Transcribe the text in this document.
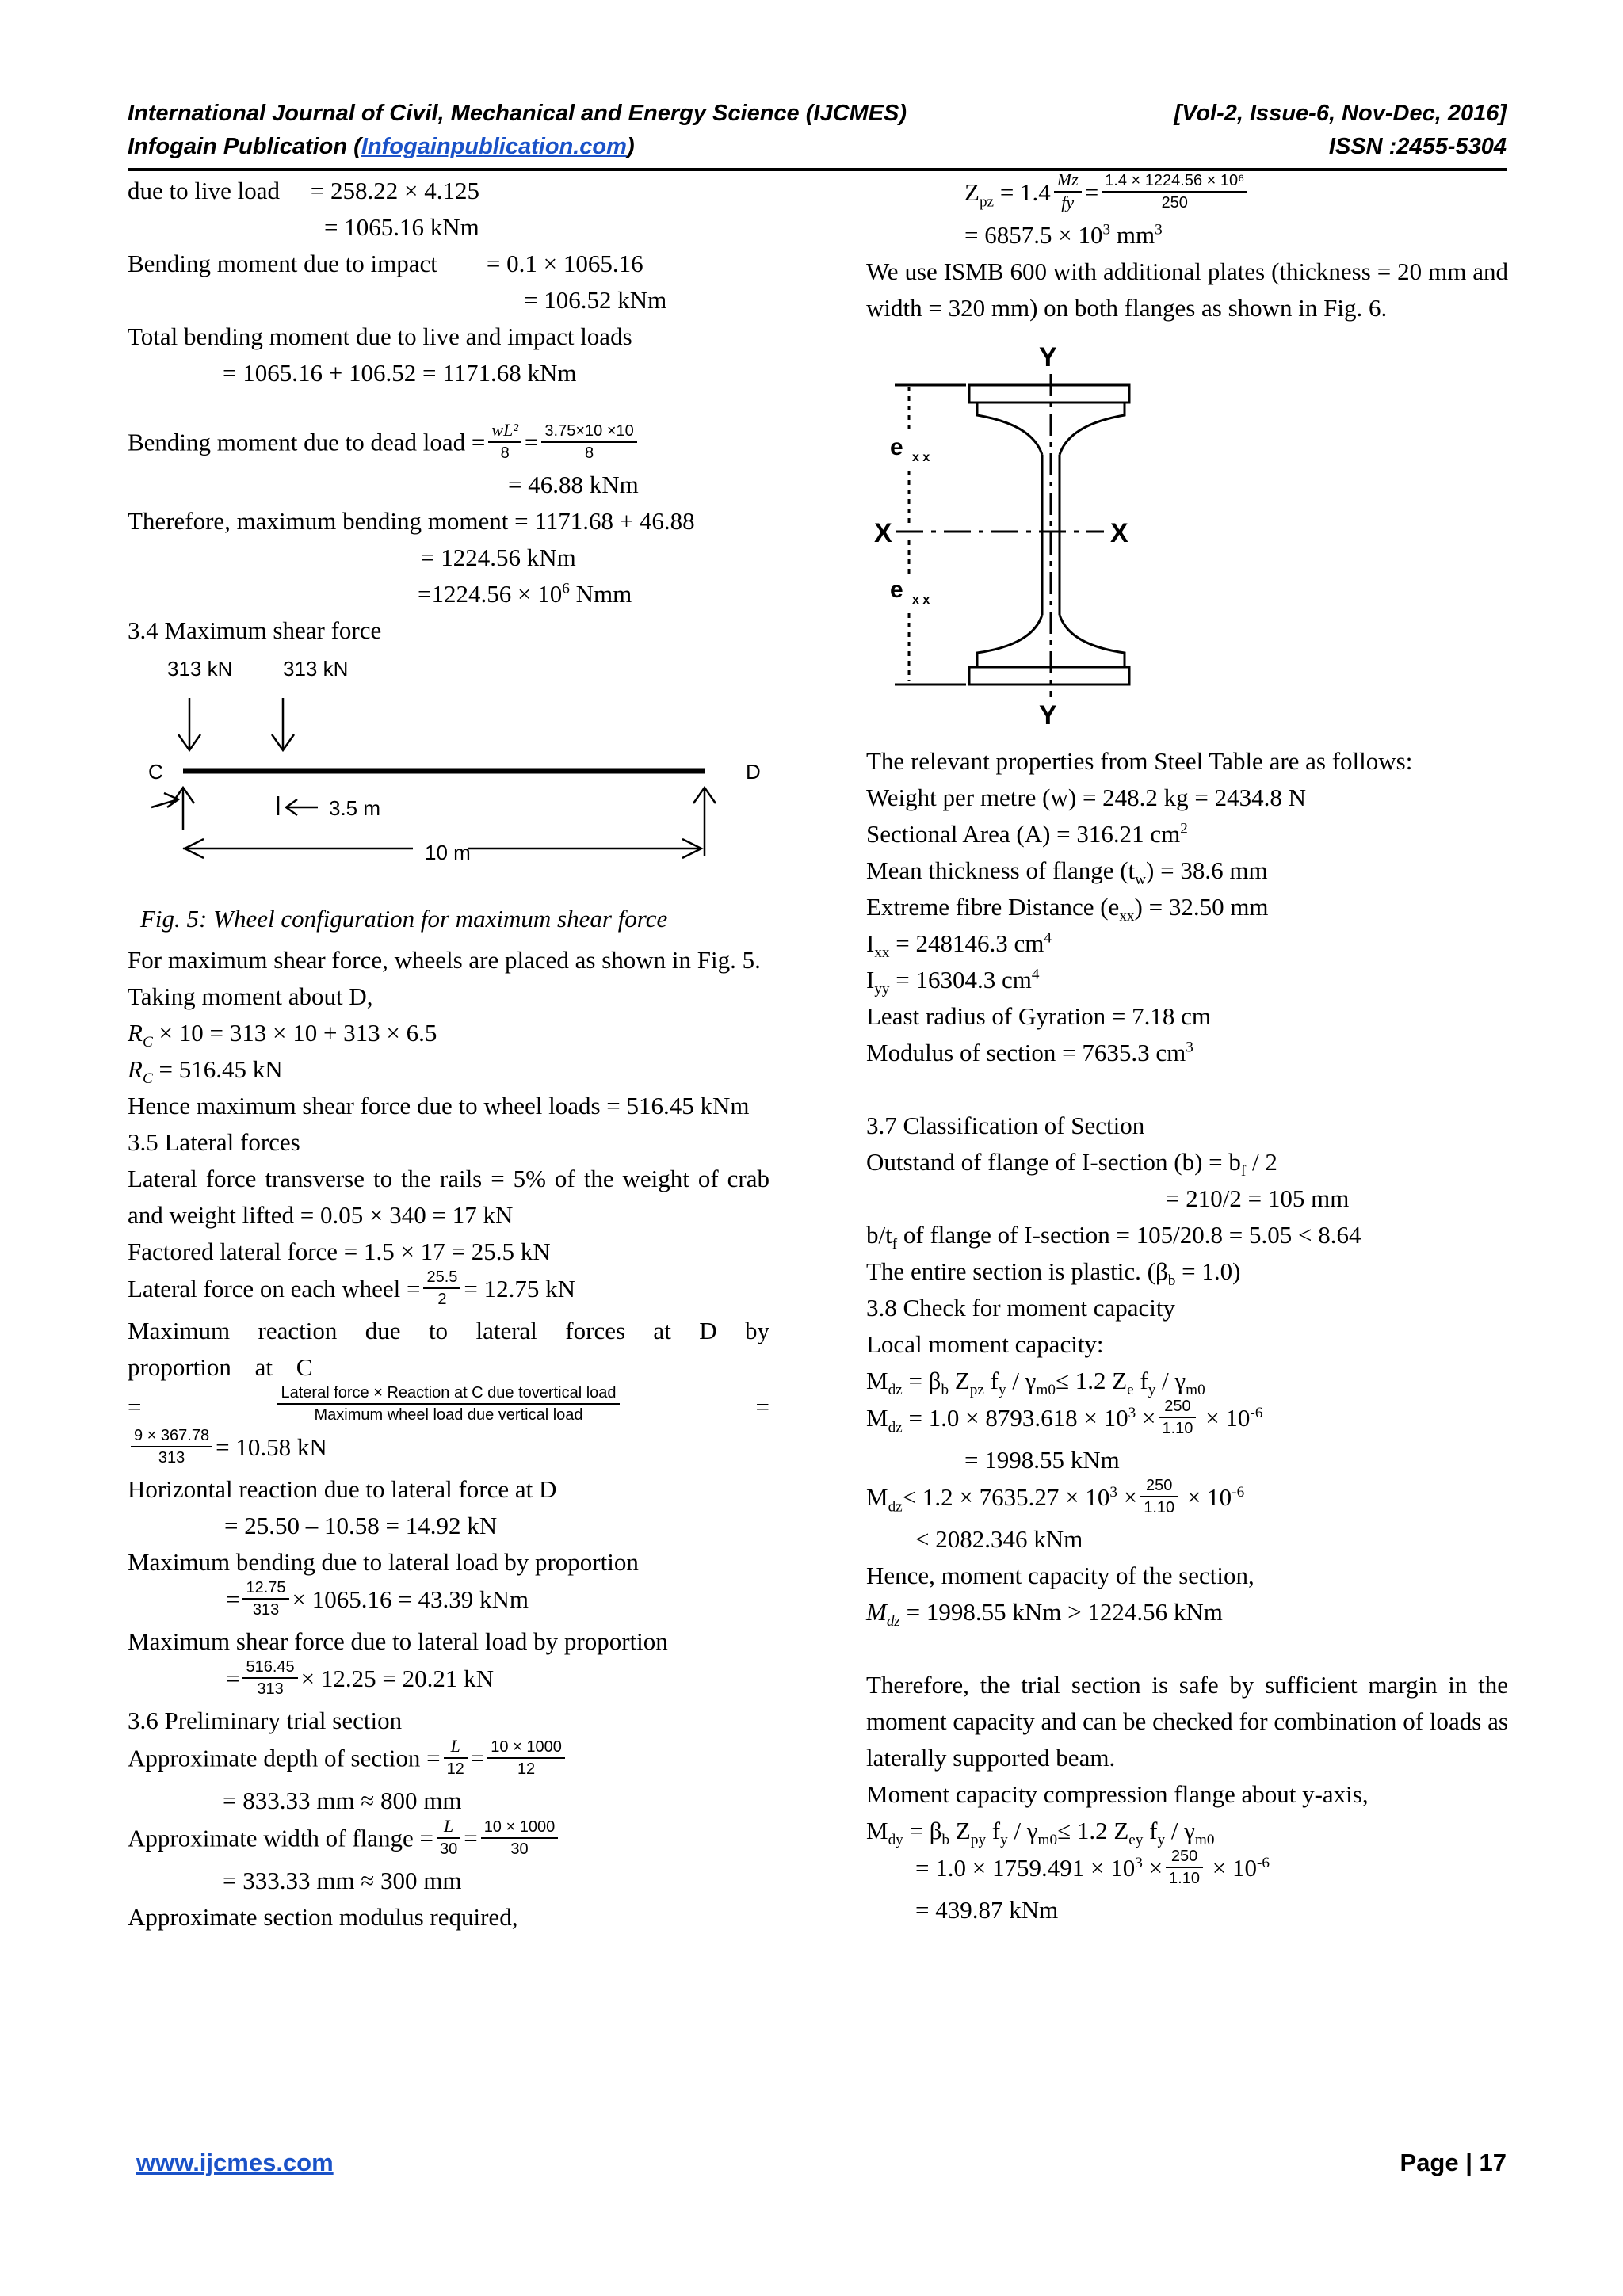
International Journal of Civil, Mechanical and Energy Science (IJCMES)
Infogain Publication (Infogainpublication.com)
[Vol-2, Issue-6, Nov-Dec, 2016]
ISSN :2455-5304

due to live load     = 258.22 × 4.125

= 1065.16 kNm

Bending moment due to impact        = 0.1 × 1065.16

= 106.52 kNm

Total bending moment due to live and impact loads

= 1065.16 + 106.52 = 1171.68 kNm

Bending moment due to dead load = $\frac{\text{wL²}}{8} = \frac{3.75\times 10 \times 10}{8}$

= 46.88 kNm

Therefore, maximum bending moment = 1171.68 + 46.88

= 1224.56 kNm

$=1224.56 \times 10^6$ Nmm

3.4 Maximum shear force

313 kN 313 kN
C	D
3.5 m
10 m

Fig. 5: Wheel configuration for maximum shear force

For maximum shear force, wheels are placed as shown in Fig. 5.

Taking moment about D,

$R_C \times 10 = 313 \times 10 + 313 \times 6.5$

$R_C = 516.45$ kN

Hence maximum shear force due to wheel loads = 516.45 kNm

3.5 Lateral forces

Lateral force transverse to the rails = 5% of the weight of crab and weight lifted = 0.05 × 340 = 17 kN

Factored lateral force = 1.5 × 17 = 25.5 kN

Lateral force on each wheel = $\frac{25.5}{2} = 12.75$ kN

Maximum reaction due to lateral forces at D by proportion at C

=	Lateral force × Reaction at C due tovertical load
Maximum wheel load due vertical load	=

$\frac{9 \times 367.78}{313} = 10.58$ kN

Horizontal reaction due to lateral force at D

= 25.50 – 10.58 = 14.92 kN

Maximum bending due to lateral load by proportion

= $\frac{12.75}{313} \times 1065.16 = 43.39$ kNm

Maximum shear force due to lateral load by proportion

= $\frac{516.45}{313} \times 12.25 = 20.21$ kN

3.6 Preliminary trial section

Approximate depth of section = $\frac{L}{12} = \frac{10 \times 1000}{12}$

= 833.33 mm ≈ 800 mm

Approximate width of flange = $\frac{L}{30} = \frac{10 \times 1000}{30}$

= 333.33 mm ≈ 300 mm

Approximate section modulus required,

$Z_{pz} = 1.4 \frac{Mz}{fy} = \frac{\text{1.4 × 1224.56 × 10⁶}}{250}$

= $6857.5 \times 10^3$ $mm^3$

We use ISMB 600 with additional plates (thickness = 20 mm and width = 320 mm) on both flanges as shown in Fig. 6.

Y
Y
X	X
e x x
e x x

The relevant properties from Steel Table are as follows:

Weight per metre (w) = 248.2 kg = 2434.8 N

Sectional Area (A) = 316.21 $cm^2$

Mean thickness of flange $(t_w) = 38.6$ mm

Extreme fibre Distance $(e_{xx}) = 32.50$ mm

$I_{xx} = 248146.3$ $cm^4$

$I_{yy} = 16304.3$ $cm^4$

Least radius of Gyration = 7.18 cm

Modulus of section = 7635.3 $cm^3$

3.7 Classification of Section

Outstand of flange of I-section $(b) = b_f / 2$

= 210/2 = 105 mm

$b/t_f$ of flange of I-section = 105/20.8 = 5.05 < 8.64

The entire section is plastic. $(\beta_b = 1.0)$

3.8 Check for moment capacity

Local moment capacity:

$M_{dz} = \beta_b$ $Z_{pz}$ $f_y / \gamma_{m0}\le 1.2$ $Z_e$ $f_y / \gamma_{m0}$

$M_{dz} = 1.0 \times 8793.618 \times 10^3 \times \frac{250}{1.10} \times 10^{-6}$

= 1998.55 kNm

$M_{dz}< 1.2 \times 7635.27 \times 10^3 \times \frac{250}{1.10} \times 10^{-6}$

< 2082.346 kNm

Hence, moment capacity of the section,

$M_{dz} = 1998.55$ kNm > 1224.56 kNm

Therefore, the trial section is safe by sufficient margin in the moment capacity and can be checked for combination of loads as laterally supported beam.

Moment capacity compression flange about y-axis,

$M_{dy} = \beta_b$ $Z_{py}$ $f_y / \gamma_{m0}\le 1.2$ $Z_{ey}$ $f_y / \gamma_{m0}$

= $1.0 \times 1759.491 \times 10^3 \times \frac{250}{1.10} \times 10^{-6}$

= 439.87 kNm

www.ijcmes.com	Page | 17
